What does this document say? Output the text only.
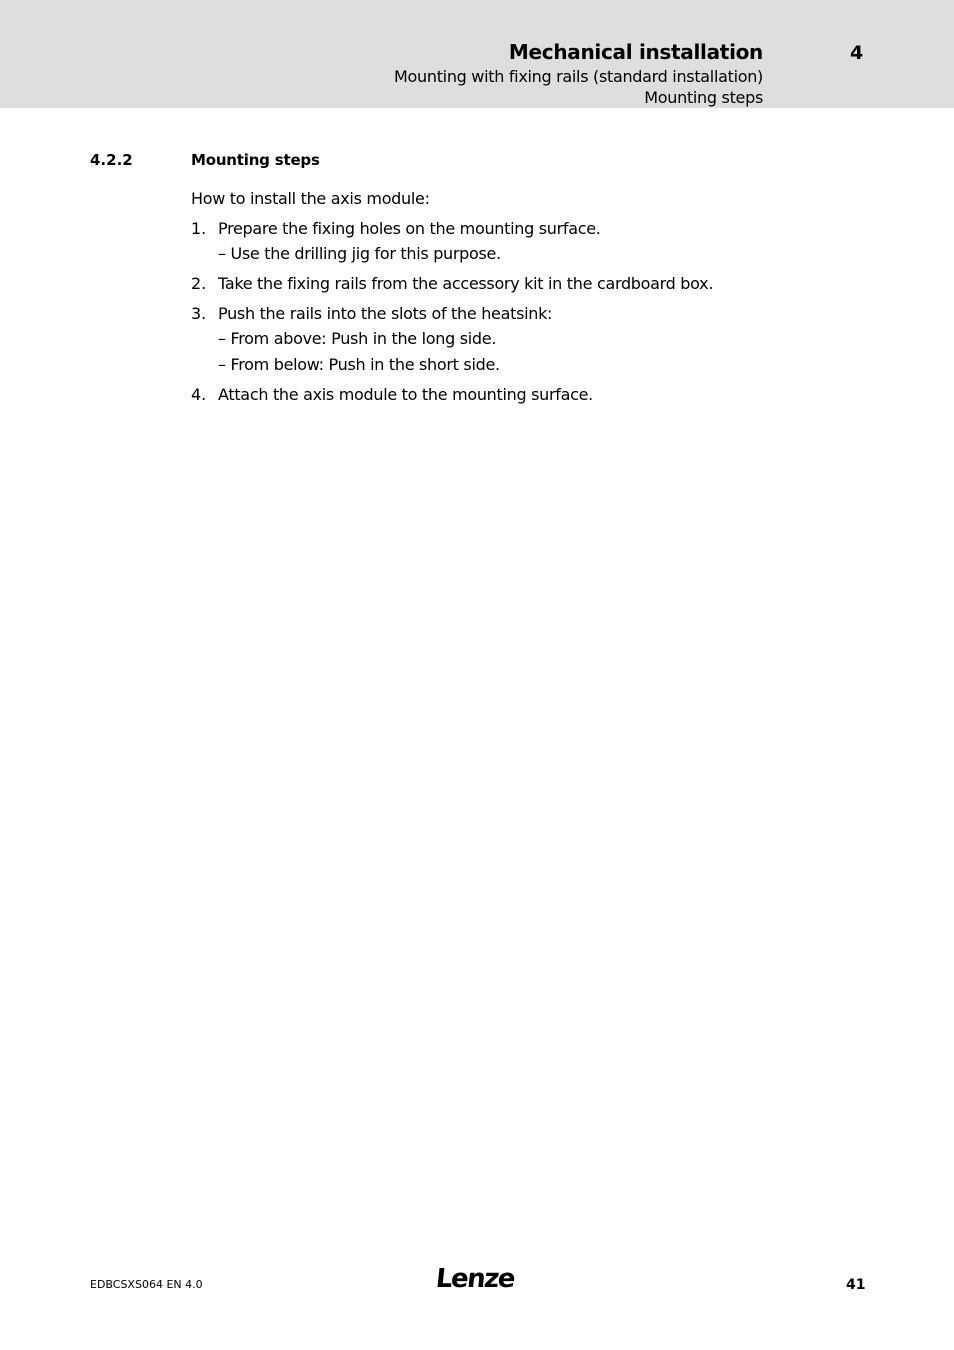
Mechanical installation	4
Mounting with fixing rails (standard installation)
Mounting steps
4.2.2	Mounting steps
How to install the axis module:
1. Prepare the fixing holes on the mounting surface.
– Use the drilling jig for this purpose.
2. Take the fixing rails from the accessory kit in the cardboard box.
3. Push the rails into the slots of the heatsink:
– From above: Push in the long side.
– From below: Push in the short side.
4. Attach the axis module to the mounting surface.
EDBCSXS064 EN 4.0	Lenze	41
